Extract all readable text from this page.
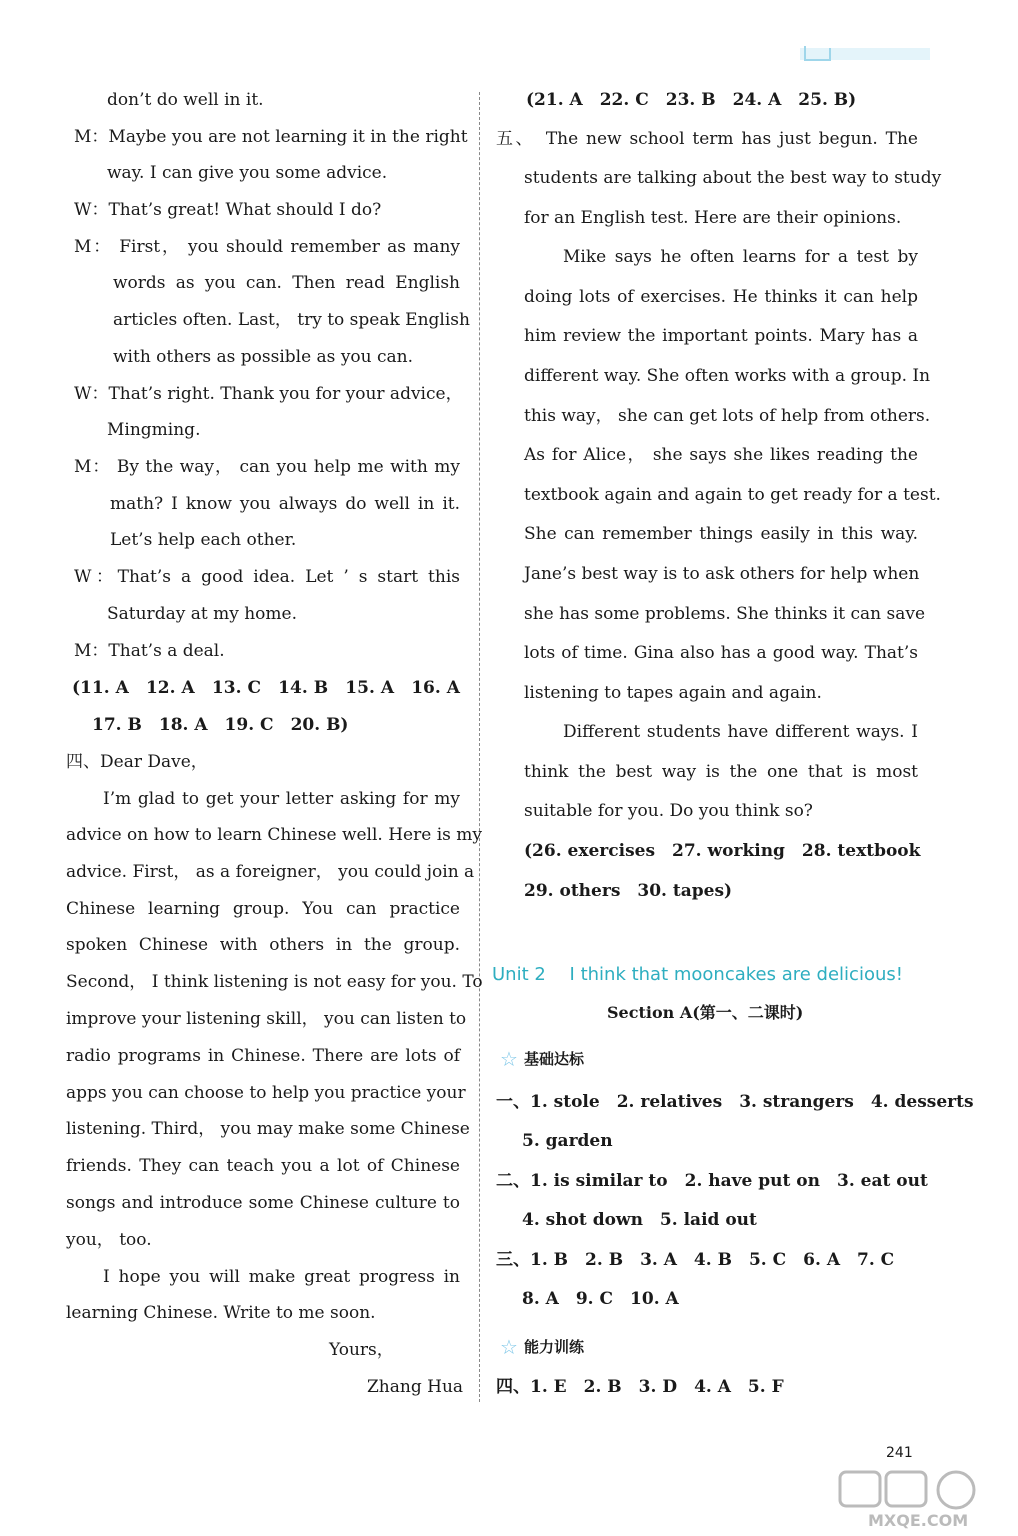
don’t do well in it.
M：Maybe you are not learning it in the right
way. I can give you some advice.
W：That’s great! What should I do?
M： First， you should remember as many
words as you can. Then read English
articles often. Last， try to speak English
with others as possible as you can.
W：That’s right. Thank you for your advice，
Mingming.
M： By the way， can you help me with my
math? I know you always do well in it.
Let’s help each other.
W：That’s a good idea. Let ’ s start this
Saturday at my home.
M：That’s a deal.
(11. A　12. A　13. C　14. B　15. A　16. A
17. B　18. A　19. C　20. B)
四、Dear Dave，
I’m glad to get your letter asking for my
advice on how to learn Chinese well. Here is my
advice. First， as a foreigner， you could join a
Chinese learning group. You can practice
spoken Chinese with others in the group.
Second， I think listening is not easy for you. To
improve your listening skill， you can listen to
radio programs in Chinese. There are lots of
apps you can choose to help you practice your
listening. Third， you may make some Chinese
friends. They can teach you a lot of Chinese
songs and introduce some Chinese culture to
you， too.
I hope you will make great progress in
learning Chinese. Write to me soon.
Yours，
Zhang Hua
(21. A　22. C　23. B　24. A　25. B)
五、　The new school term has just begun. The
students are talking about the best way to study
for an English test. Here are their opinions.
Mike says he often learns for a test by
doing lots of exercises. He thinks it can help
him review the important points. Mary has a
different way. She often works with a group. In
this way， she can get lots of help from others.
As for Alice， she says she likes reading the
textbook again and again to get ready for a test.
She can remember things easily in this way.
Jane’s best way is to ask others for help when
she has some problems. She thinks it can save
lots of time. Gina also has a good way. That’s
listening to tapes again and again.
Different students have different ways. I
think the best way is the one that is most
suitable for you. Do you think so?
(26. exercises　27. working　28. textbook
29. others　30. tapes)
Unit 2　 I think that mooncakes are delicious!
Section A(第一、二课时)
☆ 基础达标
一、1. stole　2. relatives　3. strangers　4. desserts
5. garden
二、1. is similar to　2. have put on　3. eat out
4. shot down　5. laid out
三、1. B　2. B　3. A　4. B　5. C　6. A　7. C
8. A　9. C　10. A
☆ 能力训练
四、1. E　2. B　3. D　4. A　5. F
241
MXQE.COM
